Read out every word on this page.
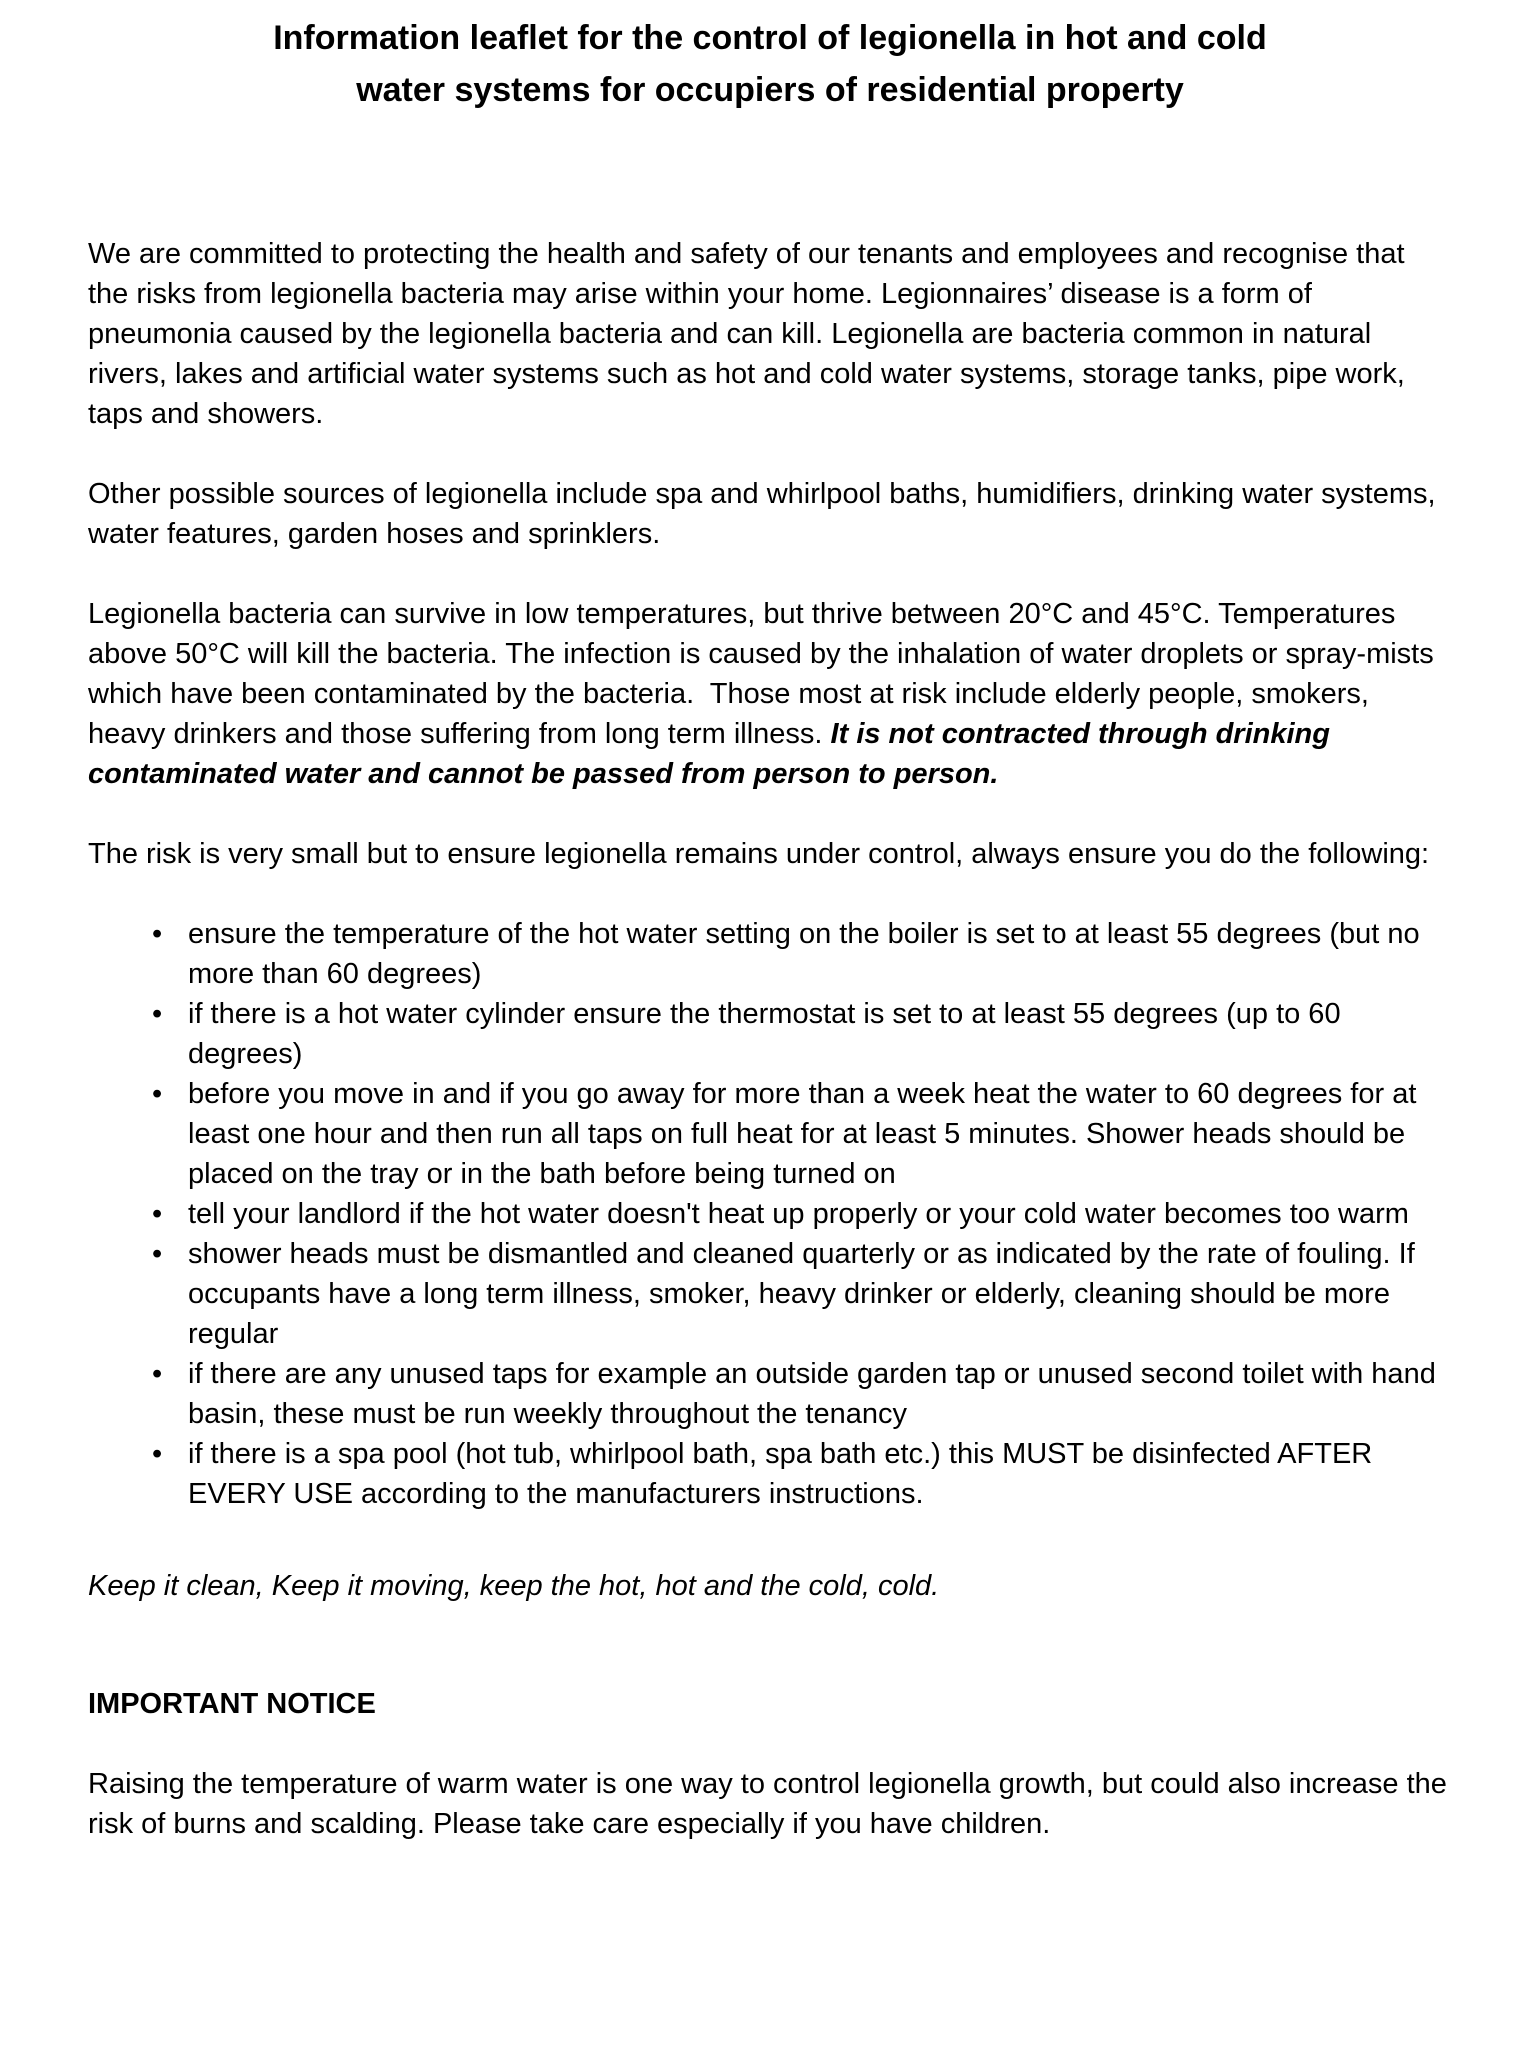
Information leaflet for the control of legionella in hot and cold
water systems for occupiers of residential property

We are committed to protecting the health and safety of our tenants and employees and recognise that the risks from legionella bacteria may arise within your home. Legionnaires’ disease is a form of pneumonia caused by the legionella bacteria and can kill. Legionella are bacteria common in natural rivers, lakes and artificial water systems such as hot and cold water systems, storage tanks, pipe work, taps and showers.

Other possible sources of legionella include spa and whirlpool baths, humidifiers, drinking water systems, water features, garden hoses and sprinklers.

Legionella bacteria can survive in low temperatures, but thrive between 20°C and 45°C. Temperatures above 50°C will kill the bacteria. The infection is caused by the inhalation of water droplets or spray-mists which have been contaminated by the bacteria.  Those most at risk include elderly people, smokers, heavy drinkers and those suffering from long term illness. It is not contracted through drinking contaminated water and cannot be passed from person to person.

The risk is very small but to ensure legionella remains under control, always ensure you do the following:

• ensure the temperature of the hot water setting on the boiler is set to at least 55 degrees (but no more than 60 degrees)
• if there is a hot water cylinder ensure the thermostat is set to at least 55 degrees (up to 60 degrees)
• before you move in and if you go away for more than a week heat the water to 60 degrees for at least one hour and then run all taps on full heat for at least 5 minutes. Shower heads should be placed on the tray or in the bath before being turned on
• tell your landlord if the hot water doesn't heat up properly or your cold water becomes too warm
• shower heads must be dismantled and cleaned quarterly or as indicated by the rate of fouling. If occupants have a long term illness, smoker, heavy drinker or elderly, cleaning should be more regular
• if there are any unused taps for example an outside garden tap or unused second toilet with hand basin, these must be run weekly throughout the tenancy
• if there is a spa pool (hot tub, whirlpool bath, spa bath etc.) this MUST be disinfected AFTER EVERY USE according to the manufacturers instructions.

Keep it clean, Keep it moving, keep the hot, hot and the cold, cold.

IMPORTANT NOTICE

Raising the temperature of warm water is one way to control legionella growth, but could also increase the risk of burns and scalding. Please take care especially if you have children.
